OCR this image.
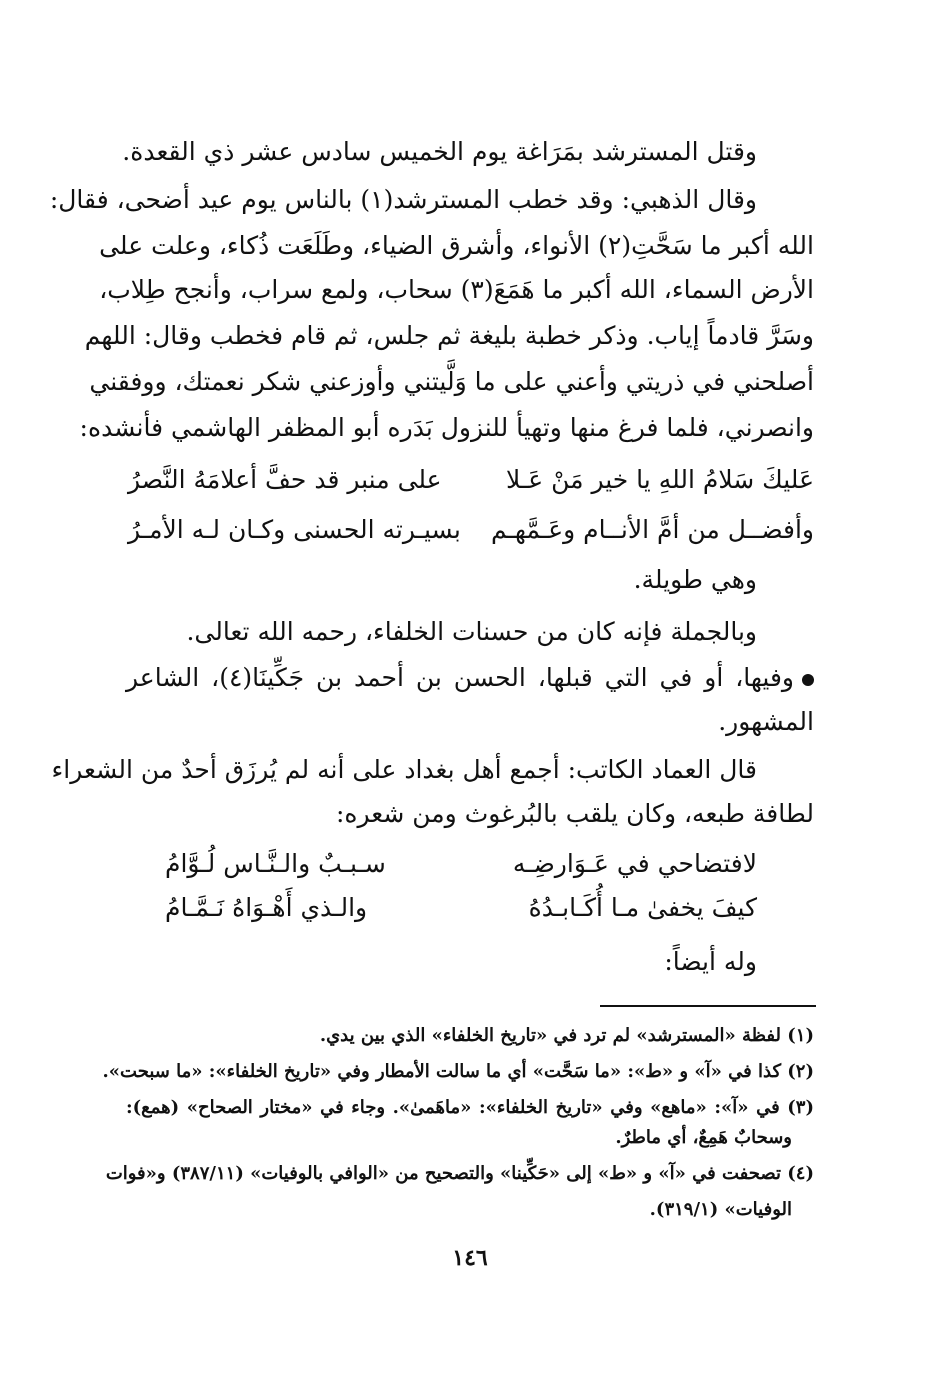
وقتل المسترشد بمَرَاغة يوم الخميس سادس عشر ذي القعدة.
وقال الذهبي: وقد خطب المسترشد(١) بالناس يوم عيد أضحى، فقال:
الله أكبر ما سَحَّتِ(٢) الأنواء، وأشرق الضياء، وطَلَعَت ذُكاء، وعلت على
الأرض السماء، الله أكبر ما هَمَعَ(٣) سحاب، ولمع سراب، وأنجح طِلاب،
وسَرَّ قادماً إياب. وذكر خطبة بليغة ثم جلس، ثم قام فخطب وقال: اللهم
أصلحني في ذريتي وأعني على ما وَلَّيتني وأوزعني شكر نعمتك، ووفقني
وانصرني، فلما فرغ منها وتهيأ للنزول بَدَره أبو المظفر الهاشمي فأنشده:
عَليكَ سَلامُ اللهِ يا خير مَنْ عَـلا
على منبر قد حفَّ أعلامَهُ النَّصرُ
وأفضــل من أمَّ الأنــام وعَـمَّهـم
بسيـرته الحسنى وكـان لـه الأمـرُ
وهي طويلة.
وبالجملة فإنه كان من حسنات الخلفاء، رحمه الله تعالى.
وفيها، أو في التي قبلها، الحسن بن أحمد بن جَكِّينَا(٤)، الشاعر
المشهور.
قال العماد الكاتب: أجمع أهل بغداد على أنه لم يُرزَق أحدٌ من الشعراء
لطافة طبعه، وكان يلقب بالبُرغوث ومن شعره:
لافتضاحي في عَـوَارضِـه
سـبـبٌ والـنَّـاس لُـوَّامُ
كيفَ يخفىٰ مـا أُكَـابـدُهُ
والـذي أَهْـوَاهُ نَـمَّـامُ
وله أيضاً:
(١) لفظة «المسترشد» لم ترد في «تاريخ الخلفاء» الذي بين يدي.
(٢) كذا في «آ» و «ط»: «ما سَحَّت» أي ما سالت الأمطار وفي «تاريخ الخلفاء»: «ما سبحت».
(٣) في «آ»: «ماهع» وفي «تاريخ الخلفاء»: «ماهَمىٰ». وجاء في «مختار الصحاح» (همع):
وسحابٌ هَمِعٌ، أي ماطرٌ.
(٤) تصحفت في «آ» و «ط» إلى «حَكِّينا» والتصحيح من «الوافي بالوفيات» (٣٨٧/١١) و«فوات
الوفيات» (٣١٩/١).
١٤٦
